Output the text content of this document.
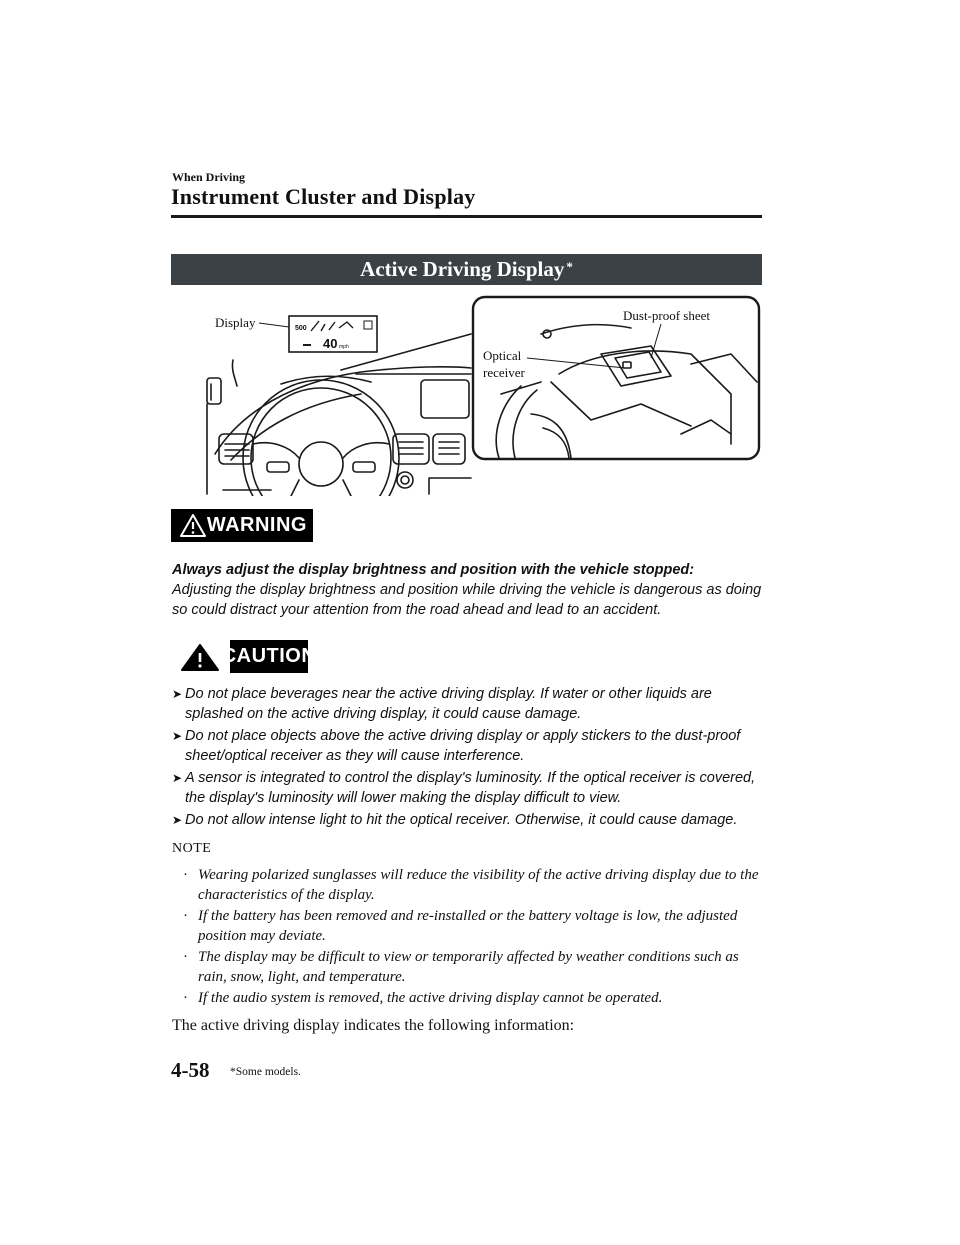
When Driving
Instrument Cluster and Display
Active Driving Display*
500
40 mph
Display	Dust-proof sheet
Optical
receiver
WARNING
Always adjust the display brightness and position with the vehicle stopped:
Adjusting the display brightness and position while driving the vehicle is dangerous as doing so could distract your attention from the road ahead and lead to an accident.
CAUTION
➤ Do not place beverages near the active driving display. If water or other liquids are splashed on the active driving display, it could cause damage.
➤ Do not place objects above the active driving display or apply stickers to the dust-proof sheet/optical receiver as they will cause interference.
➤ A sensor is integrated to control the display's luminosity. If the optical receiver is covered, the display's luminosity will lower making the display difficult to view.
➤ Do not allow intense light to hit the optical receiver. Otherwise, it could cause damage.
NOTE
· Wearing polarized sunglasses will reduce the visibility of the active driving display due to the characteristics of the display.
· If the battery has been removed and re-installed or the battery voltage is low, the adjusted position may deviate.
· The display may be difficult to view or temporarily affected by weather conditions such as rain, snow, light, and temperature.
· If the audio system is removed, the active driving display cannot be operated.
The active driving display indicates the following information:
4-58 *Some models.
